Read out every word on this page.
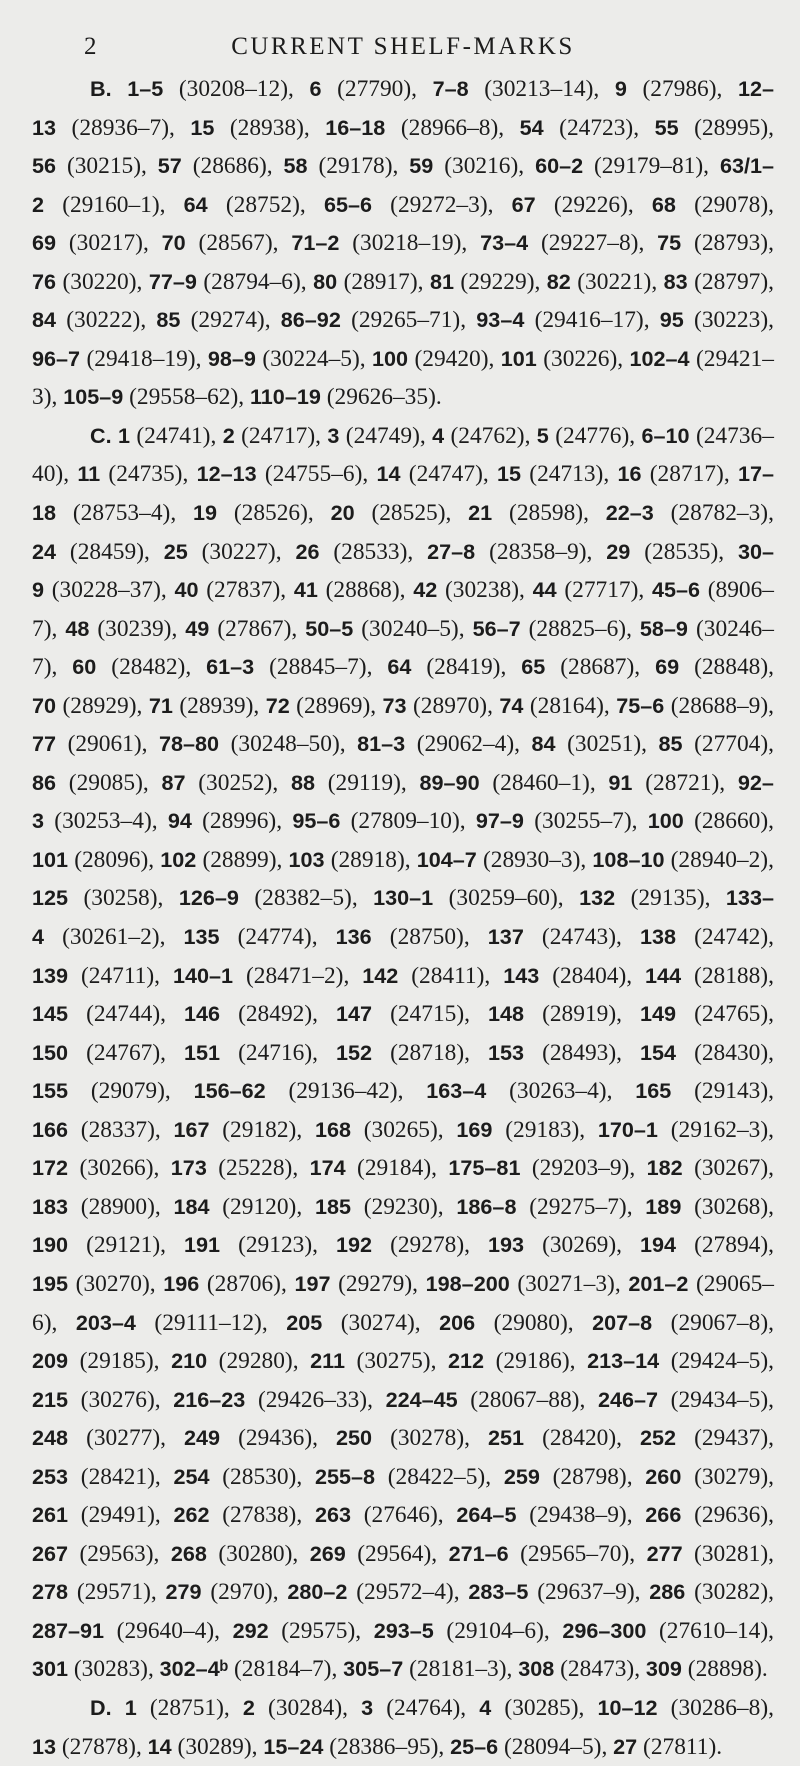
2	CURRENT SHELF-MARKS

B. 1–5 (30208–​12), 6 (27790), 7–8 (30213–​14), 9 (27986), 12–13 (28936–​7), 15 (28938), 16–18 (28966–​8), 54 (24723), 55 (28995), 56 (30215), 57 (28686), 58 (29178), 59 (30216), 60–2 (29179–​81), 63/1–2 (29160–​1), 64 (28752), 65–6 (29272–​3), 67 (29226), 68 (29078), 69 (30217), 70 (28567), 71–2 (30218–​19), 73–4 (29227–​8), 75 (28793), 76 (30220), 77–9 (28794–​6), 80 (28917), 81 (29229), 82 (30221), 83 (28797), 84 (30222), 85 (29274), 86–92 (29265–​71), 93–4 (29416–​17), 95 (30223), 96–7 (29418–​19), 98–9 (30224–​5), 100 (29420), 101 (30226), 102–4 (29421–​3), 105–9 (29558–​62), 110–19 (29626–​35).

C. 1 (24741), 2 (24717), 3 (24749), 4 (24762), 5 (24776), 6–10 (24736–​40), 11 (24735), 12–13 (24755–​6), 14 (24747), 15 (24713), 16 (28717), 17–18 (28753–​4), 19 (28526), 20 (28525), 21 (28598), 22–3 (28782–​3), 24 (28459), 25 (30227), 26 (28533), 27–8 (28358–​9), 29 (28535), 30–9 (30228–​37), 40 (27837), 41 (28868), 42 (30238), 44 (27717), 45–6 (8906–​7), 48 (30239), 49 (27867), 50–5 (30240–​5), 56–7 (28825–​6), 58–9 (30246–​7), 60 (28482), 61–3 (28845–​7), 64 (28419), 65 (28687), 69 (28848), 70 (28929), 71 (28939), 72 (28969), 73 (28970), 74 (28164), 75–6 (28688–​9), 77 (29061), 78–80 (30248–​50), 81–3 (29062–​4), 84 (30251), 85 (27704), 86 (29085), 87 (30252), 88 (29119), 89–90 (28460–​1), 91 (28721), 92–3 (30253–​4), 94 (28996), 95–6 (27809–​10), 97–9 (30255–​7), 100 (28660), 101 (28096), 102 (28899), 103 (28918), 104–7 (28930–​3), 108–10 (28940–​2), 125 (30258), 126–9 (28382–​5), 130–1 (30259–​60), 132 (29135), 133–4 (30261–​2), 135 (24774), 136 (28750), 137 (24743), 138 (24742), 139 (24711), 140–1 (28471–​2), 142 (28411), 143 (28404), 144 (28188), 145 (24744), 146 (28492), 147 (24715), 148 (28919), 149 (24765), 150 (24767), 151 (24716), 152 (28718), 153 (28493), 154 (28430), 155 (29079), 156–62 (29136–​42), 163–4 (30263–​4), 165 (29143), 166 (28337), 167 (29182), 168 (30265), 169 (29183), 170–1 (29162–​3), 172 (30266), 173 (25228), 174 (29184), 175–81 (29203–​9), 182 (30267), 183 (28900), 184 (29120), 185 (29230), 186–8 (29275–​7), 189 (30268), 190 (29121), 191 (29123), 192 (29278), 193 (30269), 194 (27894), 195 (30270), 196 (28706), 197 (29279), 198–200 (30271–​3), 201–2 (29065–​6), 203–4 (29111–​12), 205 (30274), 206 (29080), 207–8 (29067–​8), 209 (29185), 210 (29280), 211 (30275), 212 (29186), 213–14 (29424–​5), 215 (30276), 216–23 (29426–​33), 224–45 (28067–​88), 246–7 (29434–​5), 248 (30277), 249 (29436), 250 (30278), 251 (28420), 252 (29437), 253 (28421), 254 (28530), 255–8 (28422–​5), 259 (28798), 260 (30279), 261 (29491), 262 (27838), 263 (27646), 264–5 (29438–​9), 266 (29636), 267 (29563), 268 (30280), 269 (29564), 271–6 (29565–​70), 277 (30281), 278 (29571), 279 (2970), 280–2 (29572–​4), 283–5 (29637–​9), 286 (30282), 287–91 (29640–​4), 292 (29575), 293–5 (29104–​6), 296–300 (27610–​14), 301 (30283), 302–4ᵇ (28184–​7), 305–7 (28181–​3), 308 (28473), 309 (28898).

D. 1 (28751), 2 (30284), 3 (24764), 4 (30285), 10–12 (30286–​8), 13 (27878), 14 (30289), 15–24 (28386–​95), 25–6 (28094–​5), 27 (27811).
